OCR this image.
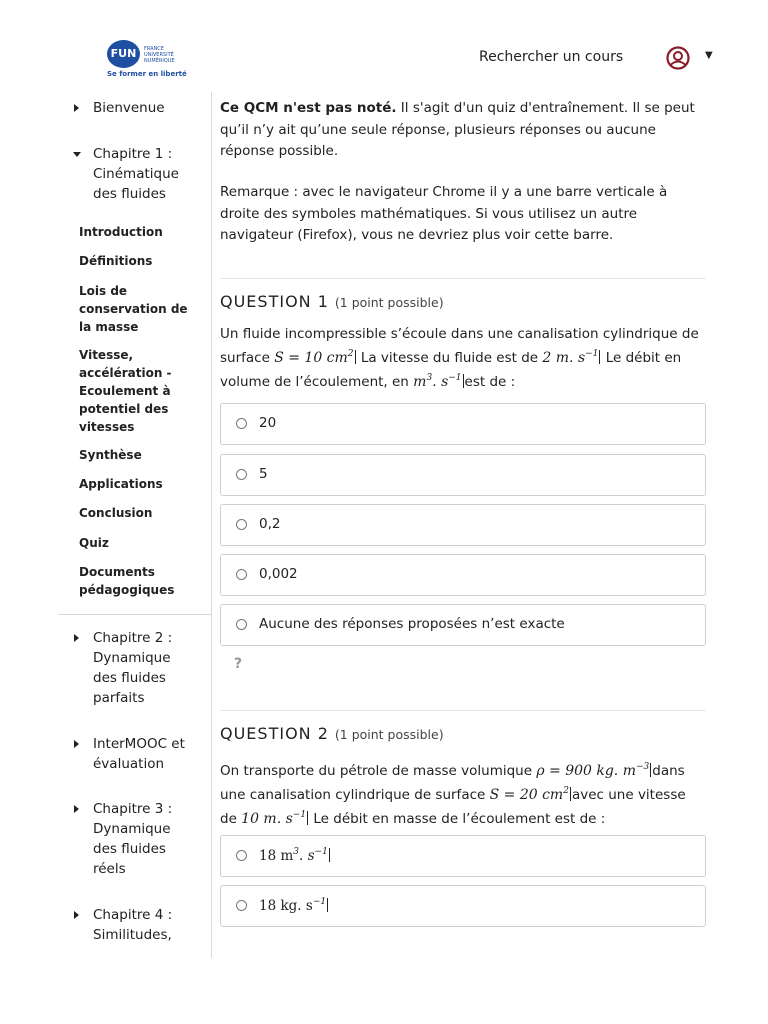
FUN	FRANCE
UNIVERSITÉ
NUMÉRIQUE
Se former en liberté
Rechercher un cours	▼
Bienvenue
Chapitre 1 : Cinématique des fluides
Introduction
Définitions
Lois de conservation de la masse
Vitesse, accélération - Ecoulement à potentiel des vitesses
Synthèse
Applications
Conclusion
Quiz
Documents pédagogiques
Chapitre 2 : Dynamique des fluides parfaits
InterMOOC et évaluation
Chapitre 3 : Dynamique des fluides réels
Chapitre 4 : Similitudes,
Ce QCM n'est pas noté. Il s'agit d'un quiz d'entraînement. Il se peut qu’il n’y ait qu’une seule réponse, plusieurs réponses ou aucune réponse possible.
Remarque : avec le navigateur Chrome il y a une barre verticale à droite des symboles mathématiques. Si vous utilisez un autre navigateur (Firefox), vous ne devriez plus voir cette barre.
QUESTION 1 (1 point possible)
Un fluide incompressible s’écoule dans une canalisation cylindrique de surface S = 10 $cm^2$ La vitesse du fluide est de 2 m. $s^{-1}$ Le débit en volume de l’écoulement, en $m^3$. $s^{-1}$ est de :
20
5
0,2
0,002
Aucune des réponses proposées n’est exacte
?
QUESTION 2 (1 point possible)
On transporte du pétrole de masse volumique ρ = 900 kg. $m^{-3}$ dans une canalisation cylindrique de surface S = 20 $cm^2$ avec une vitesse de 10 m. $s^{-1}$ Le débit en masse de l’écoulement est de :
18 $m^3$. $s^{-1}$
18 kg. $s^{-1}$
